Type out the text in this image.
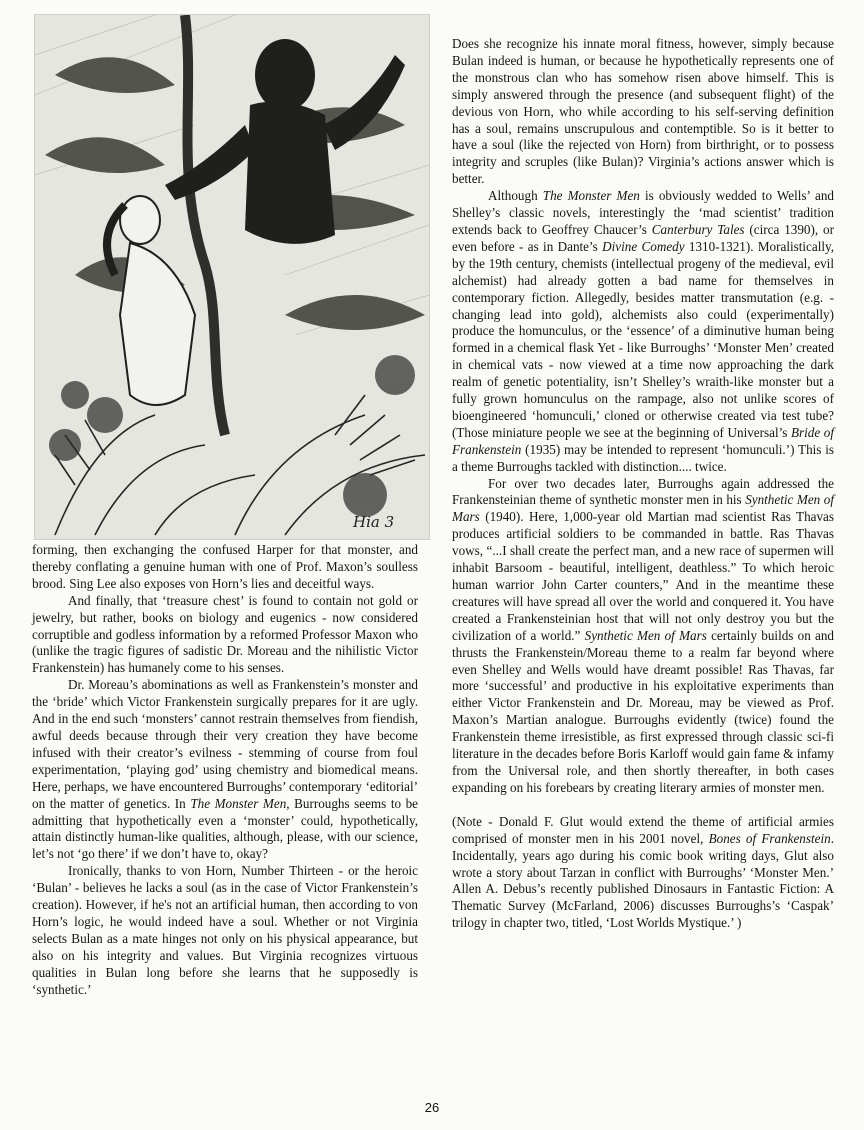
Hia 3

forming, then exchanging the confused Harper for that monster, and thereby conflating a genuine human with one of Prof. Maxon’s soulless brood. Sing Lee also exposes von Horn’s lies and deceitful ways.

And finally, that ‘treasure chest’ is found to contain not gold or jewelry, but rather, books on biology and eugenics - now considered corruptible and godless information by a reformed Professor Maxon who (unlike the tragic figures of sadistic Dr. Moreau and the nihilistic Victor Frankenstein) has humanely come to his senses.

Dr. Moreau’s abominations as well as Frankenstein’s monster and the ‘bride’ which Victor Frankenstein surgically prepares for it are ugly. And in the end such ‘monsters’ cannot restrain themselves from fiendish, awful deeds because through their very creation they have become infused with their creator’s evilness - stemming of course from foul experimentation, ‘playing god’ using chemistry and biomedical means. Here, perhaps, we have encountered Burroughs’ contemporary ‘editorial’ on the matter of genetics. In The Monster Men, Burroughs seems to be admitting that hypothetically even a ‘monster’ could, hypothetically, attain distinctly human-like qualities, although, please, with our science, let’s not ‘go there’ if we don’t have to, okay?

Ironically, thanks to von Horn, Number Thirteen - or the heroic ‘Bulan’ - believes he lacks a soul (as in the case of Victor Frankenstein’s creation). However, if he's not an artificial human, then according to von Horn’s logic, he would indeed have a soul. Whether or not Virginia selects Bulan as a mate hinges not only on his physical appearance, but also on his integrity and values. But Virginia recognizes virtuous qualities in Bulan long before she learns that he supposedly is ‘synthetic.’

Does she recognize his innate moral fitness, however, simply because Bulan indeed is human, or because he hypothetically represents one of the monstrous clan who has somehow risen above himself. This is simply answered through the presence (and subsequent flight) of the devious von Horn, who while according to his self-serving definition has a soul, remains unscrupulous and contemptible. So is it better to have a soul (like the rejected von Horn) from birthright, or to possess integrity and scruples (like Bulan)? Virginia’s actions answer which is better.

Although The Monster Men is obviously wedded to Wells’ and Shelley’s classic novels, interestingly the ‘mad scientist’ tradition extends back to Geoffrey Chaucer’s Canterbury Tales (circa 1390), or even before - as in Dante’s Divine Comedy 1310-1321). Moralistically, by the 19th century, chemists (intellectual progeny of the medieval, evil alchemist) had already gotten a bad name for themselves in contemporary fiction. Allegedly, besides matter transmutation (e.g. - changing lead into gold), alchemists also could (experimentally) produce the homunculus, or the ‘essence’ of a diminutive human being formed in a chemical flask Yet - like Burroughs’ ‘Monster Men’ created in chemical vats - now viewed at a time now approaching the dark realm of genetic potentiality, isn’t Shelley’s wraith-like monster but a fully grown homunculus on the rampage, also not unlike scores of bioengineered ‘homunculi,’ cloned or otherwise created via test tube? (Those miniature people we see at the beginning of Universal’s Bride of Frankenstein (1935) may be intended to represent ‘homunculi.’) This is a theme Burroughs tackled with distinction.... twice.

For over two decades later, Burroughs again addressed the Frankensteinian theme of synthetic monster men in his Synthetic Men of Mars (1940). Here, 1,000-year old Martian mad scientist Ras Thavas produces artificial soldiers to be commanded in battle. Ras Thavas vows, “...I shall create the perfect man, and a new race of supermen will inhabit Barsoom - beautiful, intelligent, deathless.” To which heroic human warrior John Carter counters,” And in the meantime these creatures will have spread all over the world and conquered it. You have created a Frankensteinian host that will not only destroy you but the civilization of a world.” Synthetic Men of Mars certainly builds on and thrusts the Frankenstein/Moreau theme to a realm far beyond where even Shelley and Wells would have dreamt possible! Ras Thavas, far more ‘successful’ and productive in his exploitative experiments than either Victor Frankenstein and Dr. Moreau, may be viewed as Prof. Maxon’s Martian analogue. Burroughs evidently (twice) found the Frankenstein theme irresistible, as first expressed through classic sci-fi literature in the decades before Boris Karloff would gain fame & infamy from the Universal role, and then shortly thereafter, in both cases expanding on his forebears by creating literary armies of monster men.

(Note - Donald F. Glut would extend the theme of artificial armies comprised of monster men in his 2001 novel, Bones of Frankenstein. Incidentally, years ago during his comic book writing days, Glut also wrote a story about Tarzan in conflict with Burroughs’ ‘Monster Men.’ Allen A. Debus’s recently published Dinosaurs in Fantastic Fiction: A Thematic Survey (McFarland, 2006) discusses Burroughs’s ‘Caspak’ trilogy in chapter two, titled, ‘Lost Worlds Mystique.’ )

26
